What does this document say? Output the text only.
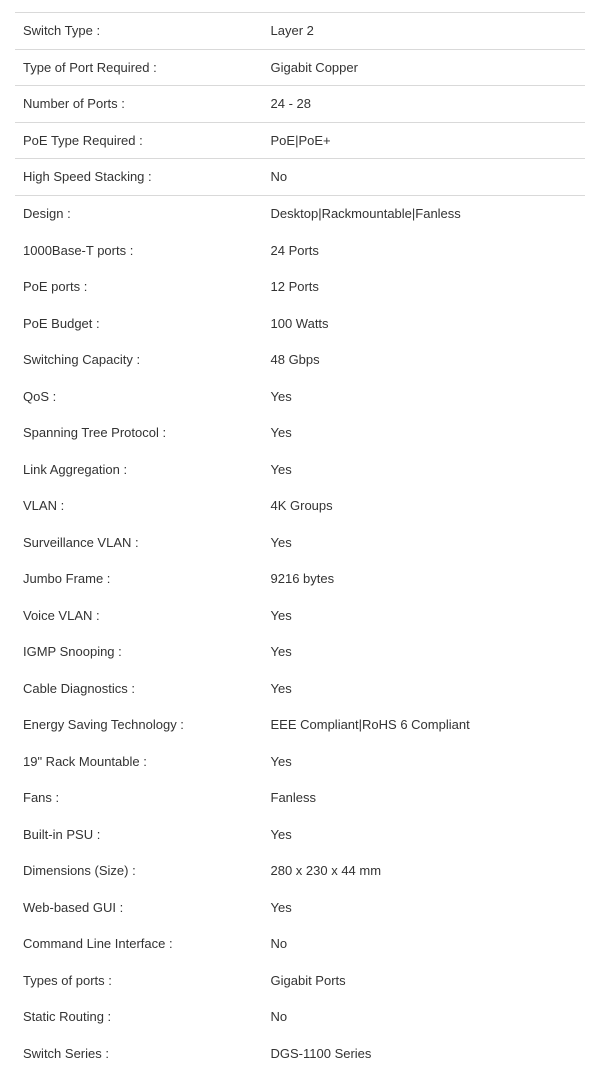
Switch Type :	Layer 2
Type of Port Required :	Gigabit Copper
Number of Ports :	24 - 28
PoE Type Required :	PoE|PoE+
High Speed Stacking :	No
Design :	Desktop|Rackmountable|Fanless
1000Base-T ports :	24 Ports
PoE ports :	12 Ports
PoE Budget :	100 Watts
Switching Capacity :	48 Gbps
QoS :	Yes
Spanning Tree Protocol :	Yes
Link Aggregation :	Yes
VLAN :	4K Groups
Surveillance VLAN :	Yes
Jumbo Frame :	9216 bytes
Voice VLAN :	Yes
IGMP Snooping :	Yes
Cable Diagnostics :	Yes
Energy Saving Technology :	EEE Compliant|RoHS 6 Compliant
19" Rack Mountable :	Yes
Fans :	Fanless
Built-in PSU :	Yes
Dimensions (Size) :	280 x 230 x 44 mm
Web-based GUI :	Yes
Command Line Interface :	No
Types of ports :	Gigabit Ports
Static Routing :	No
Switch Series :	DGS-1100 Series
